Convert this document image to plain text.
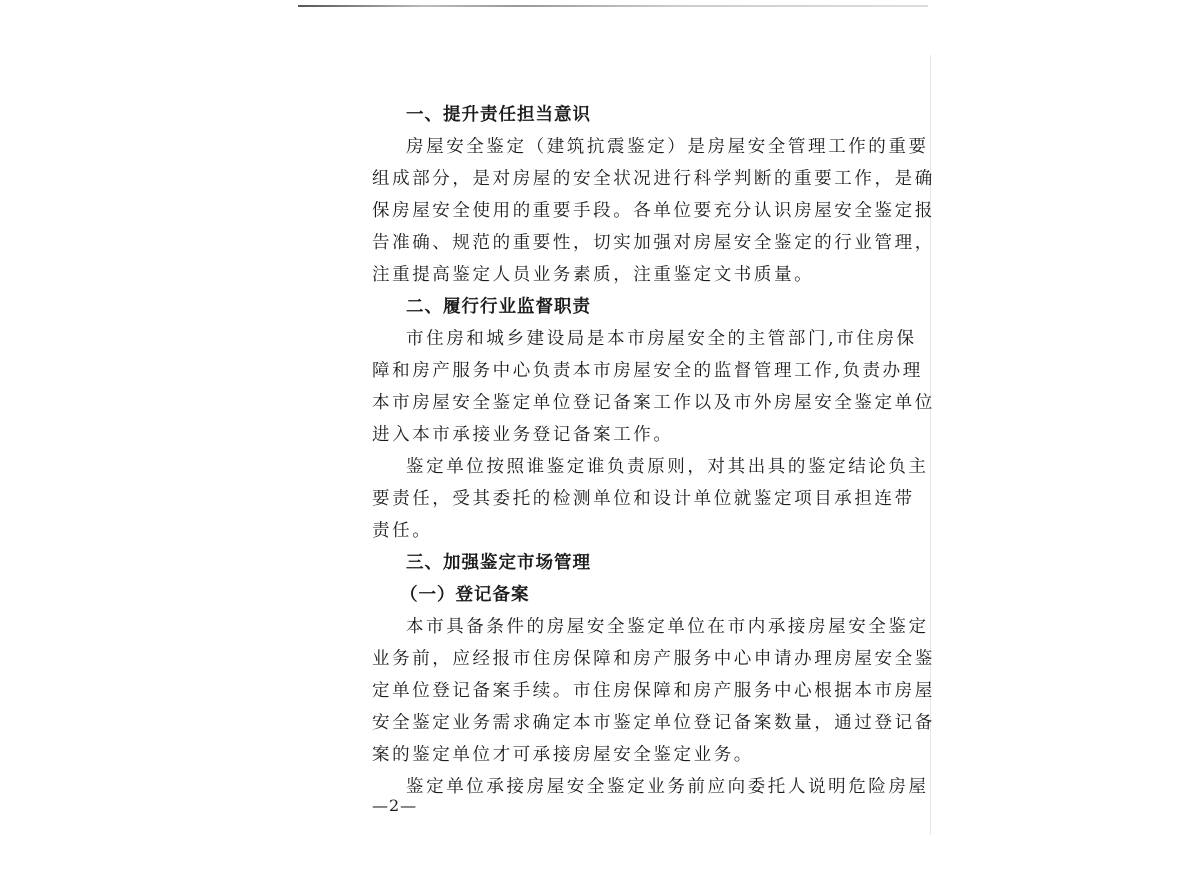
一、提升责任担当意识
房屋安全鉴定（建筑抗震鉴定）是房屋安全管理工作的重要
组成部分，是对房屋的安全状况进行科学判断的重要工作，是确
保房屋安全使用的重要手段。各单位要充分认识房屋安全鉴定报
告准确、规范的重要性，切实加强对房屋安全鉴定的行业管理，
注重提高鉴定人员业务素质，注重鉴定文书质量。
二、履行行业监督职责
市住房和城乡建设局是本市房屋安全的主管部门,市住房保
障和房产服务中心负责本市房屋安全的监督管理工作,负责办理
本市房屋安全鉴定单位登记备案工作以及市外房屋安全鉴定单位
进入本市承接业务登记备案工作。
鉴定单位按照谁鉴定谁负责原则，对其出具的鉴定结论负主
要责任，受其委托的检测单位和设计单位就鉴定项目承担连带
责任。
三、加强鉴定市场管理
（一）登记备案
本市具备条件的房屋安全鉴定单位在市内承接房屋安全鉴定
业务前，应经报市住房保障和房产服务中心申请办理房屋安全鉴
定单位登记备案手续。市住房保障和房产服务中心根据本市房屋
安全鉴定业务需求确定本市鉴定单位登记备案数量，通过登记备
案的鉴定单位才可承接房屋安全鉴定业务。
鉴定单位承接房屋安全鉴定业务前应向委托人说明危险房屋
—2—
